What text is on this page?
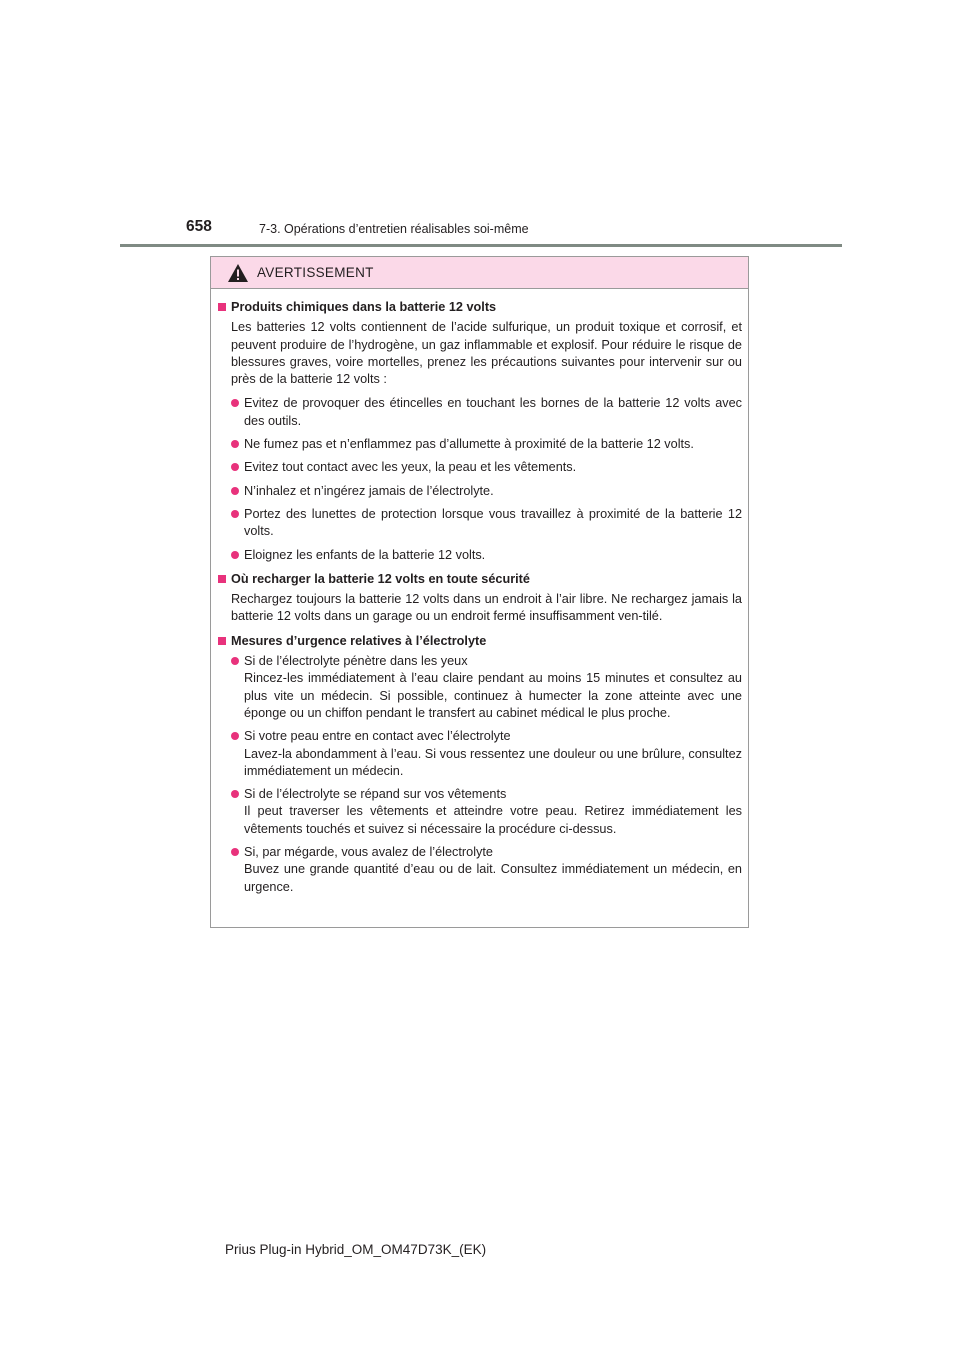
658	7-3. Opérations d’entretien réalisables soi-même
AVERTISSEMENT
Produits chimiques dans la batterie 12 volts
Les batteries 12 volts contiennent de l’acide sulfurique, un produit toxique et corrosif, et peuvent produire de l’hydrogène, un gaz inflammable et explosif. Pour réduire le risque de blessures graves, voire mortelles, prenez les précautions suivantes pour intervenir sur ou près de la batterie 12 volts :
Evitez de provoquer des étincelles en touchant les bornes de la batterie 12 volts avec des outils.
Ne fumez pas et n’enflammez pas d’allumette à proximité de la batterie 12 volts.
Evitez tout contact avec les yeux, la peau et les vêtements.
N’inhalez et n’ingérez jamais de l’électrolyte.
Portez des lunettes de protection lorsque vous travaillez à proximité de la batterie 12 volts.
Eloignez les enfants de la batterie 12 volts.
Où recharger la batterie 12 volts en toute sécurité
Rechargez toujours la batterie 12 volts dans un endroit à l’air libre. Ne rechargez jamais la batterie 12 volts dans un garage ou un endroit fermé insuffisamment ven-tilé.
Mesures d’urgence relatives à l’électrolyte
Si de l’électrolyte pénètre dans les yeux
Rincez-les immédiatement à l’eau claire pendant au moins 15 minutes et consultez au plus vite un médecin. Si possible, continuez à humecter la zone atteinte avec une éponge ou un chiffon pendant le transfert au cabinet médical le plus proche.
Si votre peau entre en contact avec l’électrolyte
Lavez-la abondamment à l’eau. Si vous ressentez une douleur ou une brûlure, consultez immédiatement un médecin.
Si de l’électrolyte se répand sur vos vêtements
Il peut traverser les vêtements et atteindre votre peau. Retirez immédiatement les vêtements touchés et suivez si nécessaire la procédure ci-dessus.
Si, par mégarde, vous avalez de l’électrolyte
Buvez une grande quantité d’eau ou de lait. Consultez immédiatement un médecin, en urgence.
Prius Plug-in Hybrid_OM_OM47D73K_(EK)
